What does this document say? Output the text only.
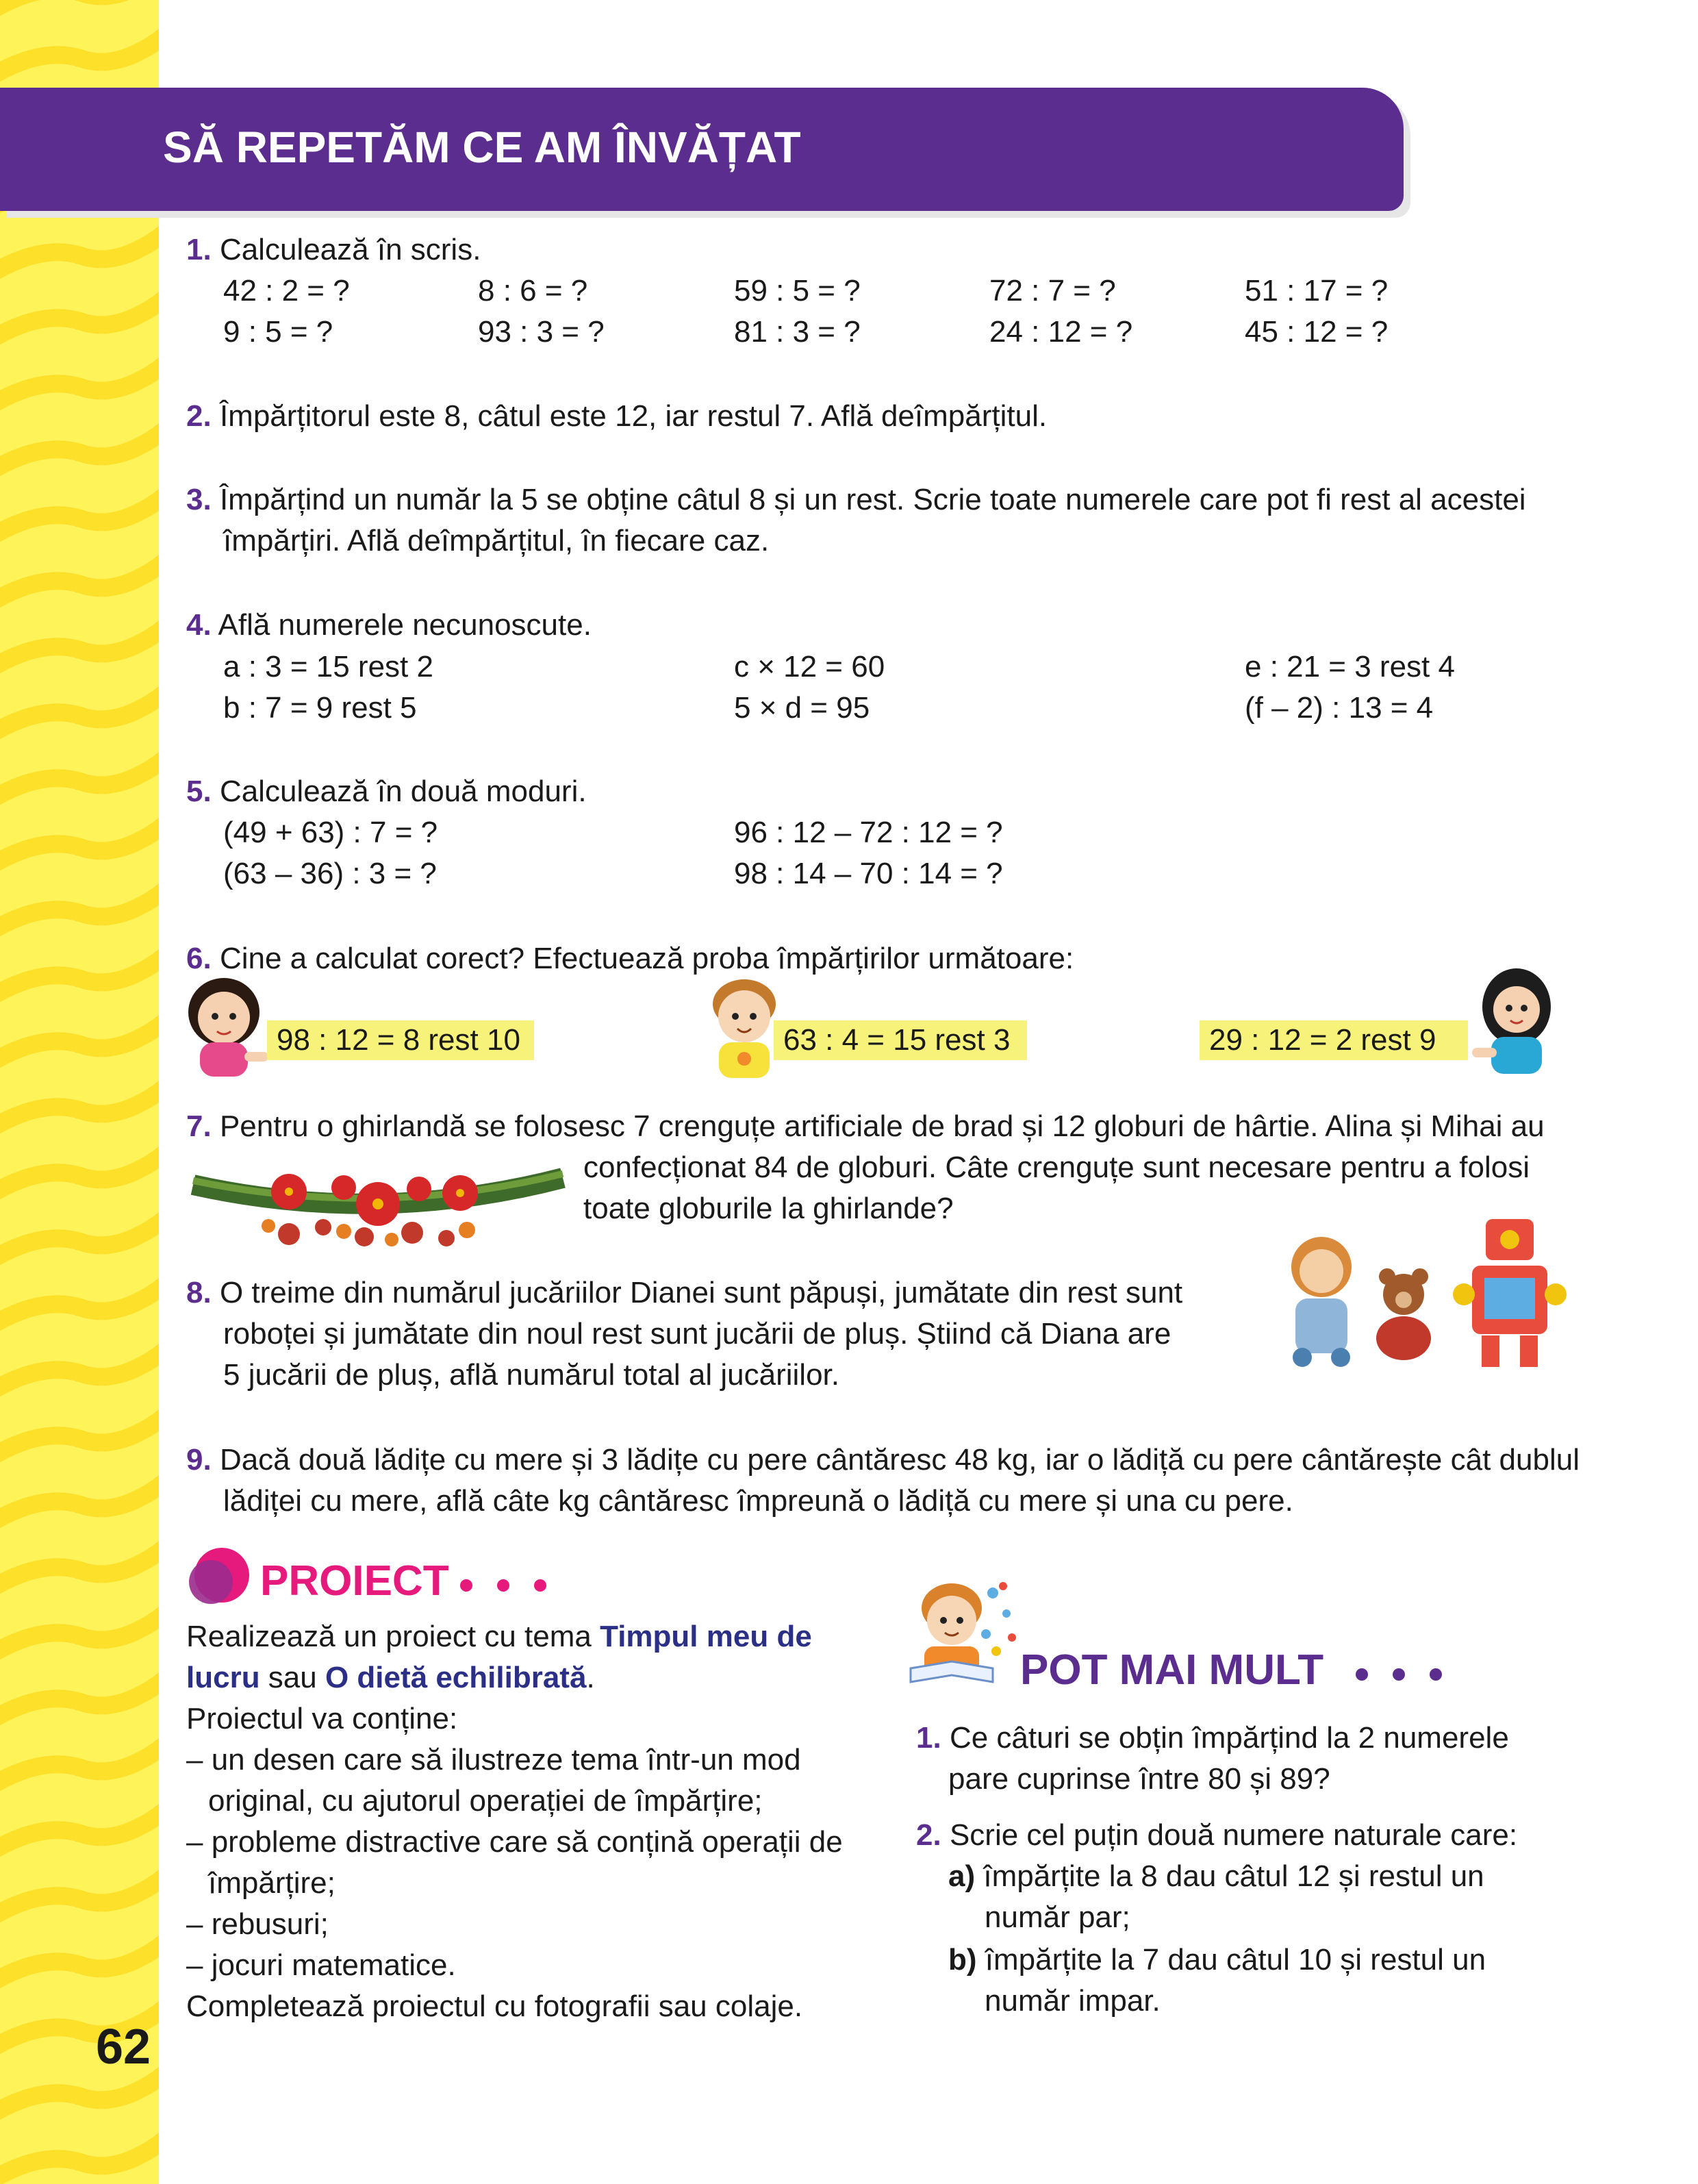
SĂ REPETĂM CE AM ÎNVĂȚAT
1. Calculează în scris.
42 : 2 = ?	8 : 6 = ?	59 : 5 = ?	72 : 7 = ?	51 : 17 = ?
9 : 5 = ?	93 : 3 = ?	81 : 3 = ?	24 : 12 = ?	45 : 12 = ?
2. Împărțitorul este 8, câtul este 12, iar restul 7. Află deîmpărțitul.
3. Împărțind un număr la 5 se obține câtul 8 și un rest. Scrie toate numerele care pot fi rest al acestei
împărțiri. Află deîmpărțitul, în fiecare caz.
4. Află numerele necunoscute.
a : 3 = 15 rest 2	c × 12 = 60	e : 21 = 3 rest 4
b : 7 = 9 rest 5	5 × d = 95	(f – 2) : 13 = 4
5. Calculează în două moduri.
(49 + 63) : 7 = ?	96 : 12 – 72 : 12 = ?
(63 – 36) : 3 = ?	98 : 14 – 70 : 14 = ?
6. Cine a calculat corect? Efectuează proba împărțirilor următoare:
98 : 12 = 8 rest 10	63 : 4 = 15 rest 3	29 : 12 = 2 rest 9
7. Pentru o ghirlandă se folosesc 7 crenguțe artificiale de brad și 12 globuri de hârtie. Alina și Mihai au
confecționat 84 de globuri. Câte crenguțe sunt necesare pentru a folosi
toate globurile la ghirlande?
8. O treime din numărul jucăriilor Dianei sunt păpuși, jumătate din rest sunt
roboței și jumătate din noul rest sunt jucării de pluș. Știind că Diana are
5 jucării de pluș, află numărul total al jucăriilor.
9. Dacă două lădițe cu mere și 3 lădițe cu pere cântăresc 48 kg, iar o lădiță cu pere cântărește cât dublul
lădiței cu mere, află câte kg cântăresc împreună o lădiță cu mere și una cu pere.
PROIECT
Realizează un proiect cu tema Timpul meu de
lucru sau O dietă echilibrată.
Proiectul va conține:
– un desen care să ilustreze tema într-un mod
original, cu ajutorul operației de împărțire;
– probleme distractive care să conțină operații de
împărțire;
– rebusuri;
– jocuri matematice.
Completează proiectul cu fotografii sau colaje.
POT MAI MULT
1. Ce câturi se obțin împărțind la 2 numerele
pare cuprinse între 80 și 89?
2. Scrie cel puțin două numere naturale care:
a) împărțite la 8 dau câtul 12 și restul un
număr par;
b) împărțite la 7 dau câtul 10 și restul un
număr impar.
62
